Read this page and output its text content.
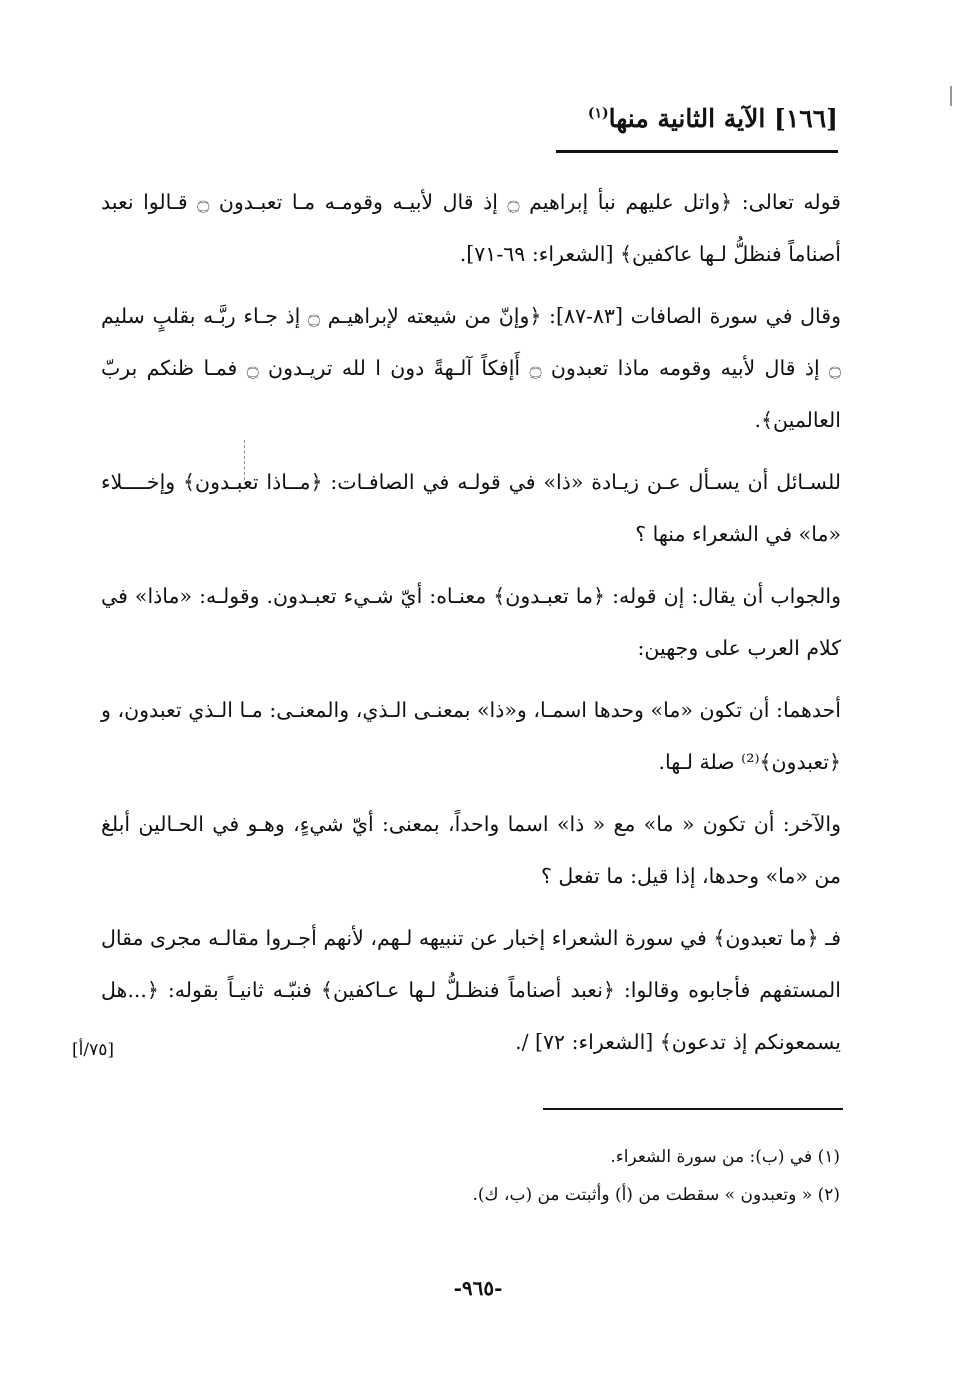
[١٦٦] الآية الثانية منها$^{(١)}$

قوله تعالى: ﴿واتل عليهم نبأ إبراهيم ۝ إذ قال لأبيـه وقومـه مـا تعبـدون ۝ قـالوا نعبد أصناماً فنظلُّ لـها عاكفين﴾ [الشعراء: ٦٩-٧١].

وقال في سورة الصافات [٨٣-٨٧]: ﴿وإنّ من شيعته لإبراهيـم ۝ إذ جـاء ربَّـه بقلبٍ سليم ۝ إذ قال لأبيه وقومه ماذا تعبدون ۝ أَإفكاً آلـهةً دون ا لله تريـدون ۝ فمـا ظنكم بربّ العالمين﴾.

للسـائل أن يسـأل عـن زيـادة «ذا» في قولـه في الصافـات: ﴿مــاذا تعبـدون﴾ وإخــــلاء «ما» في الشعراء منها ؟

والجواب أن يقال: إن قوله: ﴿ما تعبـدون﴾ معنـاه: أيّ شـيء تعبـدون. وقولـه: «ماذا» في كلام العرب على وجهين:

أحدهما: أن تكون «ما» وحدها اسمـا، و«ذا» بمعنـى الـذي، والمعنـى: مـا الـذي تعبدون، و ﴿تعبدون﴾⁽²⁾ صلة لـها.

والآخر: أن تكون « ما» مع « ذا» اسما واحداً، بمعنى: أيّ شيءٍ، وهـو في الحـالين أبلغ من «ما» وحدها، إذا قيل: ما تفعل ؟

فـ ﴿ما تعبدون﴾ في سورة الشعراء إخبار عن تنبيهه لـهم، لأنهم أجـروا مقالـه مجرى مقال المستفهم فأجابوه وقالوا: ﴿نعبد أصناماً فنظـلُّ لـها عـاكفين﴾ فنبّـه ثانيـاً بقوله: ﴿...هل يسمعونكم إذ تدعون﴾ [الشعراء: ٧٢] /.

[٧٥/أ]

(١) في (ب): من سورة الشعراء.

(٢) « وتعبدون » سقطت من (أ) وأثبتت من (ب، ك).

-٩٦٥-
